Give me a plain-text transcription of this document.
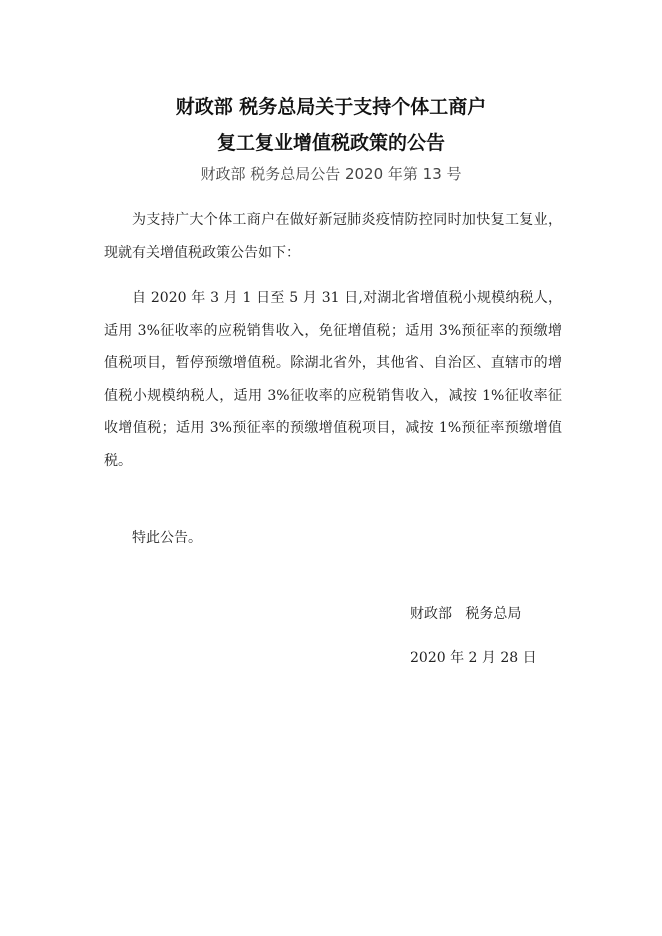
财政部 税务总局关于支持个体工商户
复工复业增值税政策的公告
财政部 税务总局公告 2020 年第 13 号

为支持广大个体工商户在做好新冠肺炎疫情防控同时加快复工复业，现就有关增值税政策公告如下：

自 2020 年 3 月 1 日至 5 月 31 日,对湖北省增值税小规模纳税人，适用 3%征收率的应税销售收入，免征增值税；适用 3%预征率的预缴增值税项目，暂停预缴增值税。除湖北省外，其他省、自治区、直辖市的增值税小规模纳税人，适用 3%征收率的应税销售收入，减按 1%征收率征收增值税；适用 3%预征率的预缴增值税项目，减按 1%预征率预缴增值税。

特此公告。

财政部   税务总局
2020 年 2 月 28 日
